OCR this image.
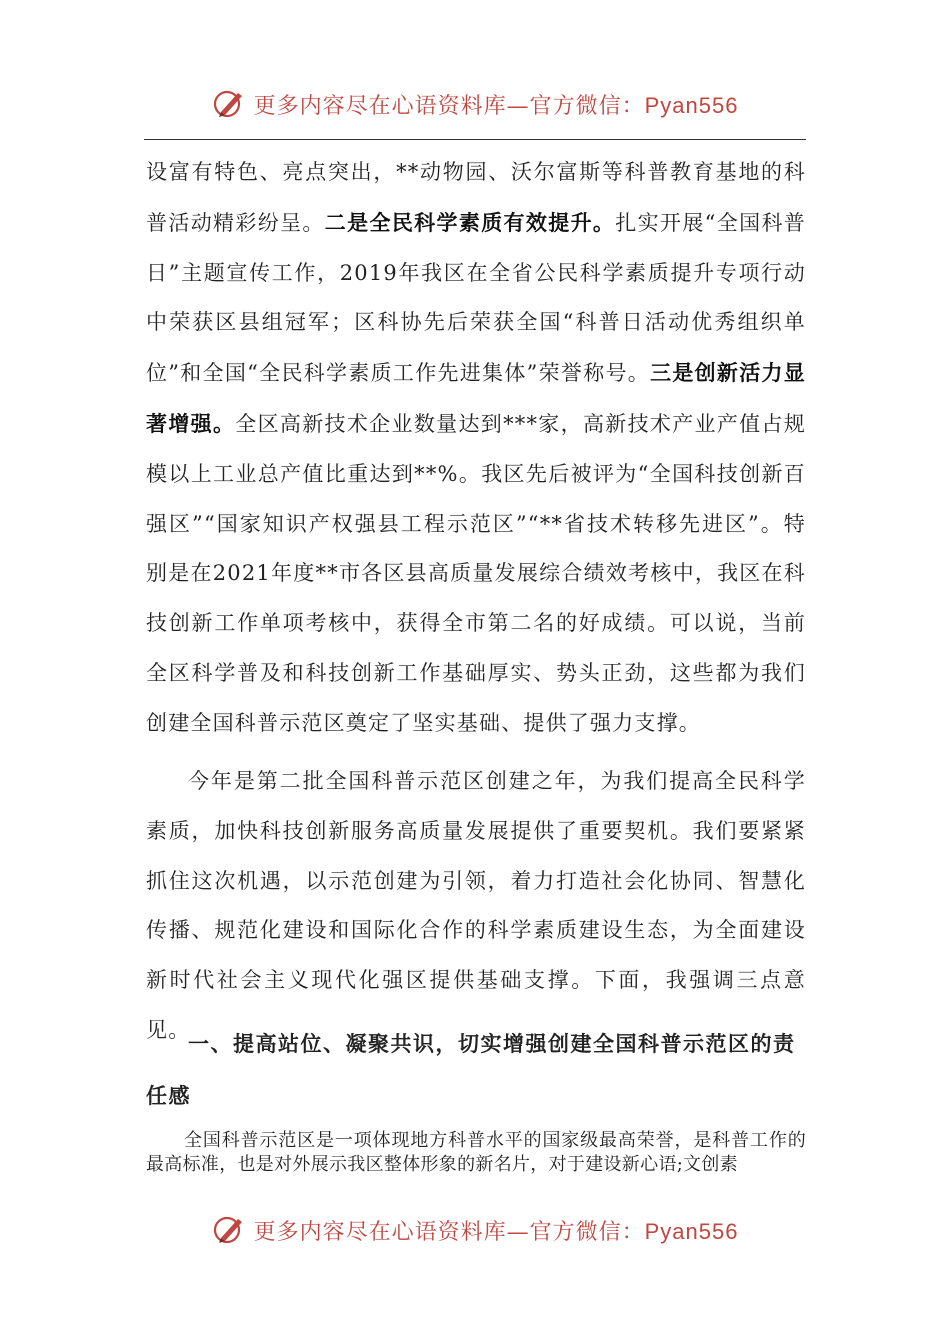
更多内容尽在心语资料库—官方微信：Pyan556

设富有特色、亮点突出，**动物园、沃尔富斯等科普教育基地的科普活动精彩纷呈。二是全民科学素质有效提升。扎实开展“全国科普日”主题宣传工作，2019年我区在全省公民科学素质提升专项行动中荣获区县组冠军；区科协先后荣获全国“科普日活动优秀组织单位”和全国“全民科学素质工作先进集体”荣誉称号。三是创新活力显著增强。全区高新技术企业数量达到***家，高新技术产业产值占规模以上工业总产值比重达到**%。我区先后被评为“全国科技创新百强区”“国家知识产权强县工程示范区”“**省技术转移先进区”。特别是在2021年度**市各区县高质量发展综合绩效考核中，我区在科技创新工作单项考核中，获得全市第二名的好成绩。可以说，当前全区科学普及和科技创新工作基础厚实、势头正劲，这些都为我们创建全国科普示范区奠定了坚实基础、提供了强力支撑。

今年是第二批全国科普示范区创建之年，为我们提高全民科学素质，加快科技创新服务高质量发展提供了重要契机。我们要紧紧抓住这次机遇，以示范创建为引领，着力打造社会化协同、智慧化传播、规范化建设和国际化合作的科学素质建设生态，为全面建设新时代社会主义现代化强区提供基础支撑。下面，我强调三点意见。

一、提高站位、凝聚共识，切实增强创建全国科普示范区的责任感

全国科普示范区是一项体现地方科普水平的国家级最高荣誉，是科普工作的最高标准，也是对外展示我区整体形象的新名片，对于建设新心语;文创素

更多内容尽在心语资料库—官方微信：Pyan556
